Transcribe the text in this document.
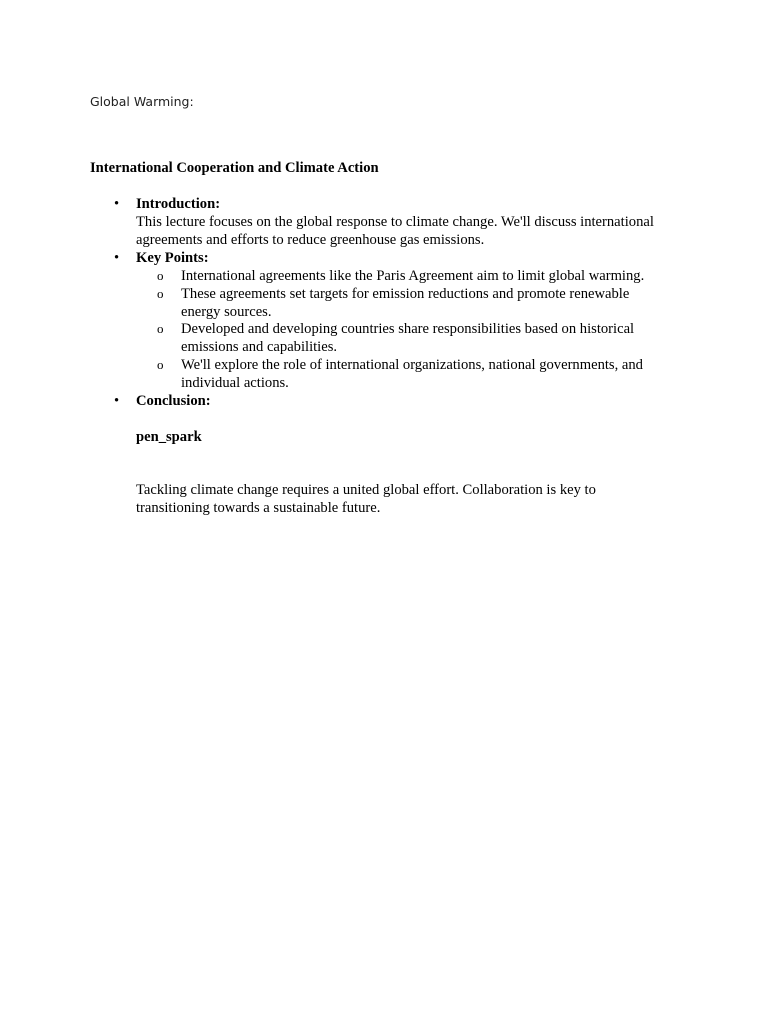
Global Warming:
International Cooperation and Climate Action
•	Introduction:
This lecture focuses on the global response to climate change. We'll discuss international agreements and efforts to reduce greenhouse gas emissions.
•	Key Points:
o	International agreements like the Paris Agreement aim to limit global warming.
o	These agreements set targets for emission reductions and promote renewable energy sources.
o	Developed and developing countries share responsibilities based on historical emissions and capabilities.
o	We'll explore the role of international organizations, national governments, and individual actions.
•	Conclusion:
pen_spark
Tackling climate change requires a united global effort. Collaboration is key to transitioning towards a sustainable future.
